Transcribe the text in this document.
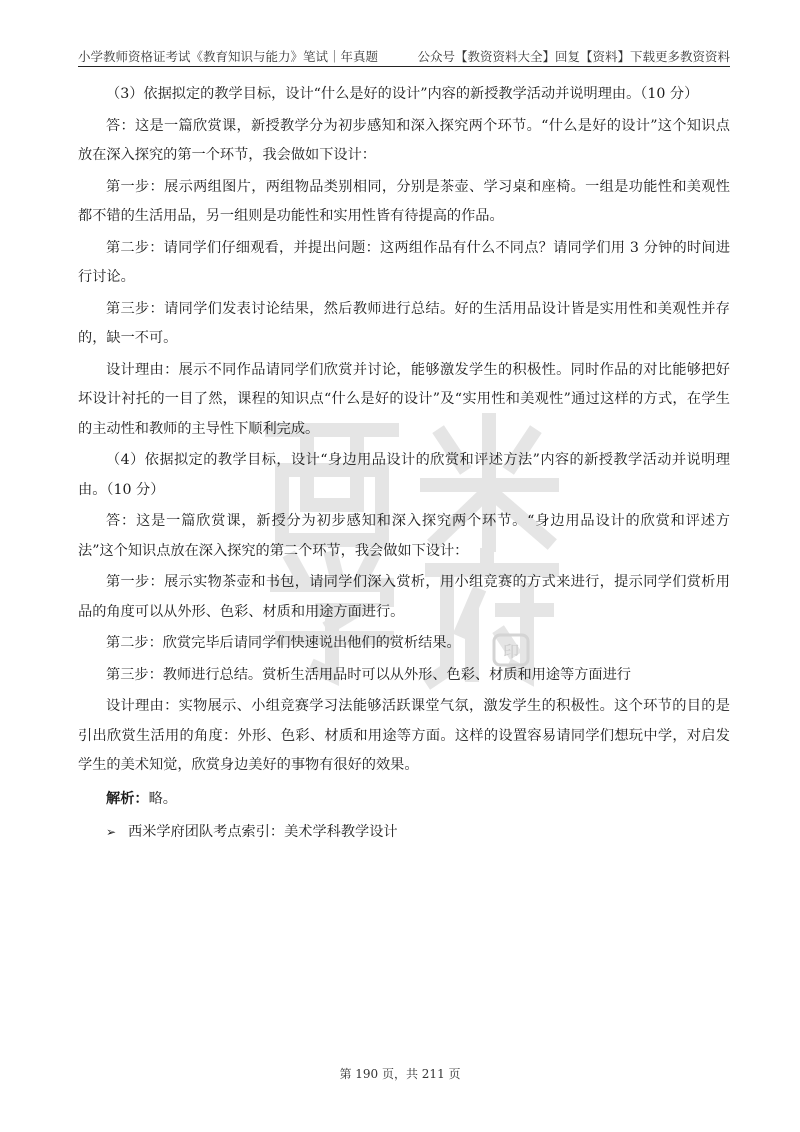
小学教师资格证考试《教育知识与能力》笔试｜年真题	公众号【教资资料大全】回复【资料】下载更多教资资料
印

（3）依据拟定的教学目标，设计“什么是好的设计”内容的新授教学活动并说明理由。（10 分）

答：这是一篇欣赏课，新授教学分为初步感知和深入探究两个环节。“什么是好的设计”这个知识点放在深入探究的第一个环节，我会做如下设计：

第一步：展示两组图片，两组物品类别相同，分别是茶壶、学习桌和座椅。一组是功能性和美观性都不错的生活用品，另一组则是功能性和实用性皆有待提高的作品。

第二步：请同学们仔细观看，并提出问题：这两组作品有什么不同点？请同学们用 3 分钟的时间进行讨论。

第三步：请同学们发表讨论结果，然后教师进行总结。好的生活用品设计皆是实用性和美观性并存的，缺一不可。

设计理由：展示不同作品请同学们欣赏并讨论，能够激发学生的积极性。同时作品的对比能够把好坏设计衬托的一目了然，课程的知识点“什么是好的设计”及“实用性和美观性”通过这样的方式，在学生的主动性和教师的主导性下顺利完成。

（4）依据拟定的教学目标，设计“身边用品设计的欣赏和评述方法”内容的新授教学活动并说明理由。（10 分）

答：这是一篇欣赏课，新授分为初步感知和深入探究两个环节。“身边用品设计的欣赏和评述方法”这个知识点放在深入探究的第二个环节，我会做如下设计：

第一步：展示实物茶壶和书包，请同学们深入赏析，用小组竞赛的方式来进行，提示同学们赏析用品的角度可以从外形、色彩、材质和用途方面进行。

第二步：欣赏完毕后请同学们快速说出他们的赏析结果。

第三步：教师进行总结。赏析生活用品时可以从外形、色彩、材质和用途等方面进行

设计理由：实物展示、小组竞赛学习法能够活跃课堂气氛，激发学生的积极性。这个环节的目的是引出欣赏生活用的角度：外形、色彩、材质和用途等方面。这样的设置容易请同学们想玩中学，对启发学生的美术知觉，欣赏身边美好的事物有很好的效果。

解析：略。

➢ 西米学府团队考点索引：美术学科教学设计

第 190 页，共 211 页
